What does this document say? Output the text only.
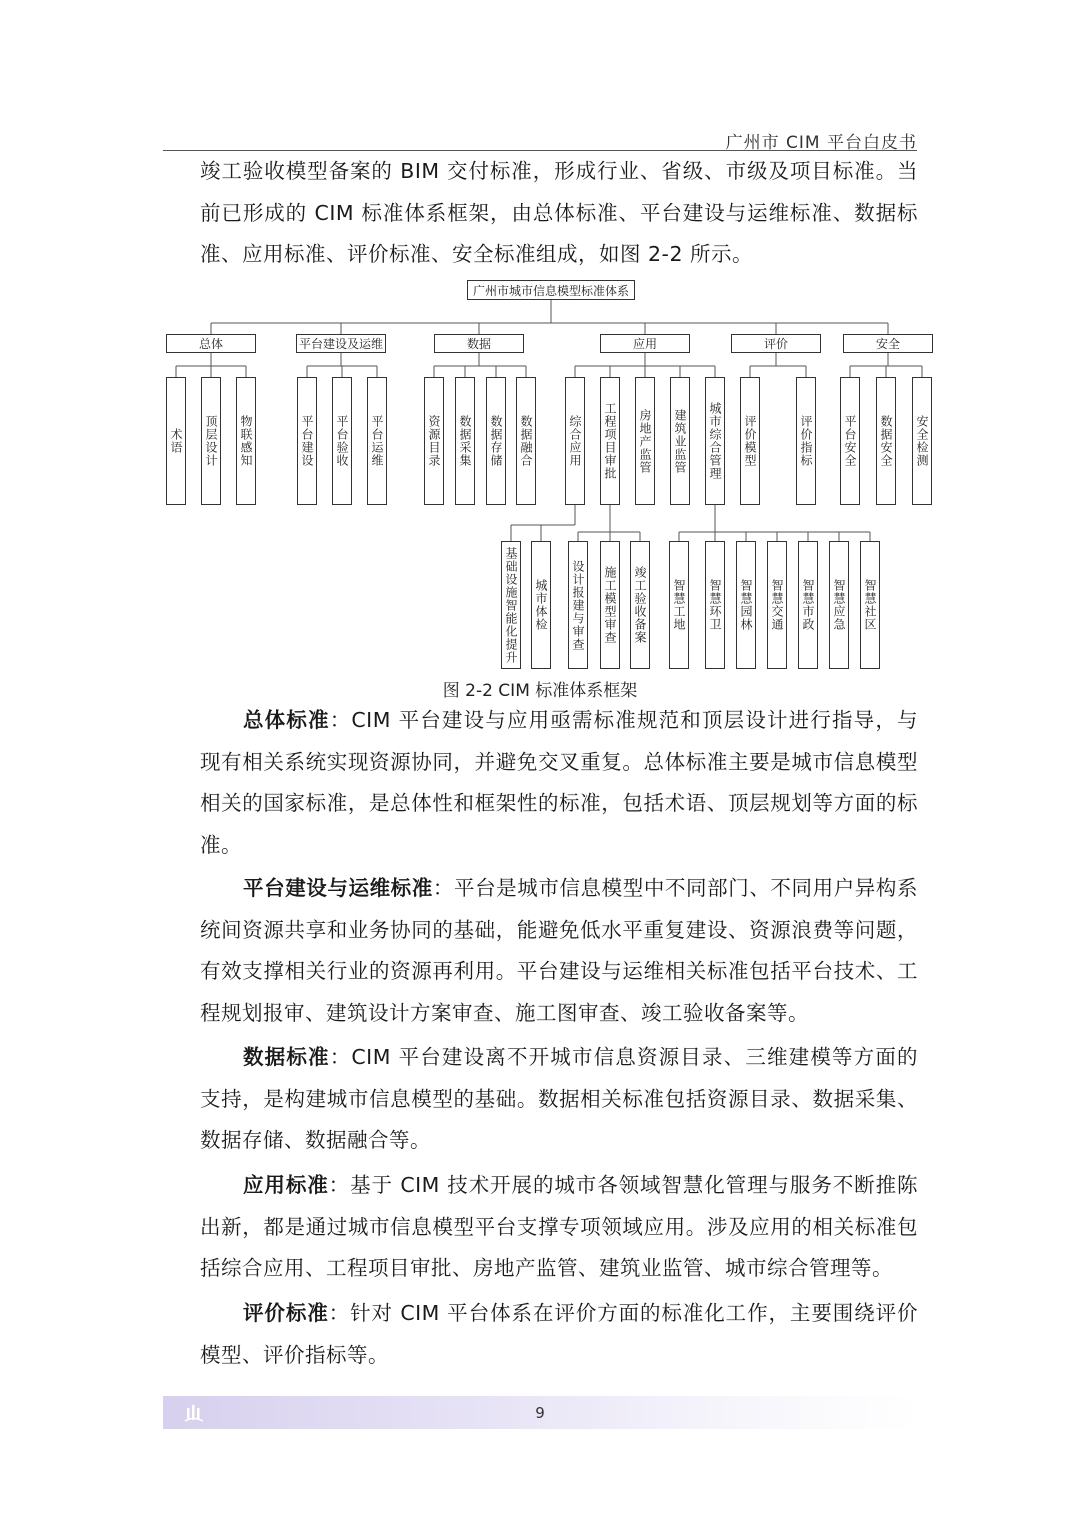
广州市 CIM 平台白皮书

竣工验收模型备案的 BIM 交付标准，形成行业、省级、市级及项目标准。当前已形成的 CIM 标准体系框架，由总体标准、平台建设与运维标准、数据标准、应用标准、评价标准、安全标准组成，如图 2-2 所示。

广州市城市信息模型标准体系
总体
术语 顶层设计 物联感知
平台建设及运维
平台建设 平台验收 平台运维
数据
资源目录 数据采集 数据存储 数据融合
应用
综合应用 工程项目审批 房地产监管 建筑业监管 城市综合管理
评价
评价模型	评价指标
安全
平台安全 数据安全 安全检测
基础设施智能化提升 城市体检 设计报建与审查 施工模型审查 竣工验收备案 智慧工地 智慧环卫 智慧园林 智慧交通 智慧市政 智慧应急 智慧社区
图 2-2 CIM 标准体系框架

总体标准：CIM 平台建设与应用亟需标准规范和顶层设计进行指导，与现有相关系统实现资源协同，并避免交叉重复。总体标准主要是城市信息模型相关的国家标准，是总体性和框架性的标准，包括术语、顶层规划等方面的标准。

平台建设与运维标准：平台是城市信息模型中不同部门、不同用户异构系统间资源共享和业务协同的基础，能避免低水平重复建设、资源浪费等问题，有效支撑相关行业的资源再利用。平台建设与运维相关标准包括平台技术、工程规划报审、建筑设计方案审查、施工图审查、竣工验收备案等。

数据标准：CIM 平台建设离不开城市信息资源目录、三维建模等方面的支持，是构建城市信息模型的基础。数据相关标准包括资源目录、数据采集、数据存储、数据融合等。

应用标准：基于 CIM 技术开展的城市各领域智慧化管理与服务不断推陈出新，都是通过城市信息模型平台支撑专项领域应用。涉及应用的相关标准包括综合应用、工程项目审批、房地产监管、建筑业监管、城市综合管理等。

评价标准：针对 CIM 平台体系在评价方面的标准化工作，主要围绕评价模型、评价指标等。

9
